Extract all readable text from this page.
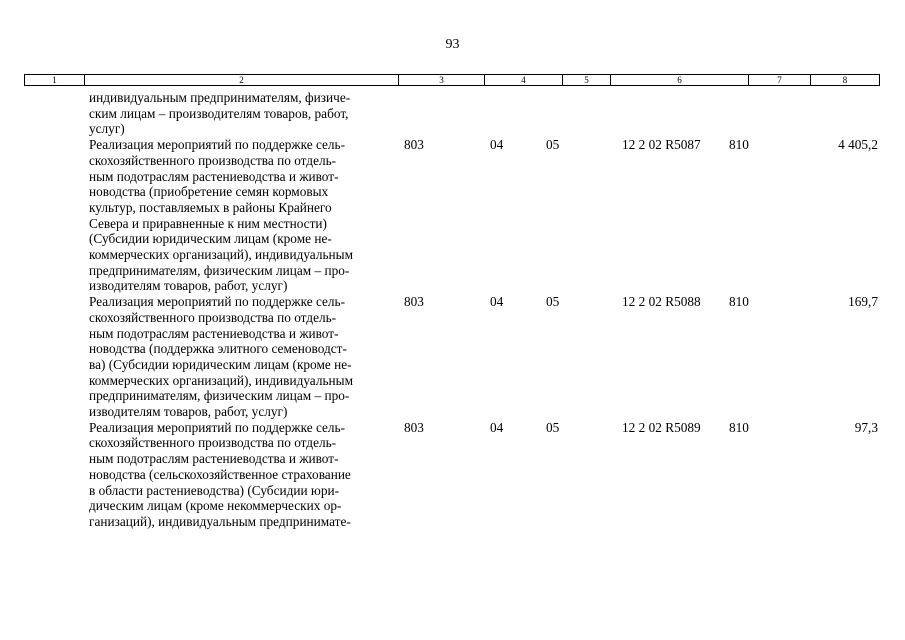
93
1	2	3	4	5	6	7	8
индивидуальным предпринимателям, физиче-
ским лицам – производителям товаров, работ,
услуг)
Реализация мероприятий по поддержке сель-
скохозяйственного производства по отдель-
ным подотраслям растениеводства и живот-
новодства (приобретение семян кормовых
культур, поставляемых в районы Крайнего
Севера и приравненные к ним местности)
(Субсидии юридическим лицам (кроме не-
коммерческих организаций), индивидуальным
предпринимателям, физическим лицам – про-
изводителям товаров, работ, услуг)
803	04	05	12 2 02 R5087 810	4 405,2
Реализация мероприятий по поддержке сель-
скохозяйственного производства по отдель-
ным подотраслям растениеводства и живот-
новодства (поддержка элитного семеноводст-
ва) (Субсидии юридическим лицам (кроме не-
коммерческих организаций), индивидуальным
предпринимателям, физическим лицам – про-
изводителям товаров, работ, услуг)
803	04	05	12 2 02 R5088 810	169,7
Реализация мероприятий по поддержке сель-
скохозяйственного производства по отдель-
ным подотраслям растениеводства и живот-
новодства (сельскохозяйственное страхование
в области растениеводства) (Субсидии юри-
дическим лицам (кроме некоммерческих ор-
ганизаций), индивидуальным предпринимате-
803	04	05	12 2 02 R5089 810	97,3
